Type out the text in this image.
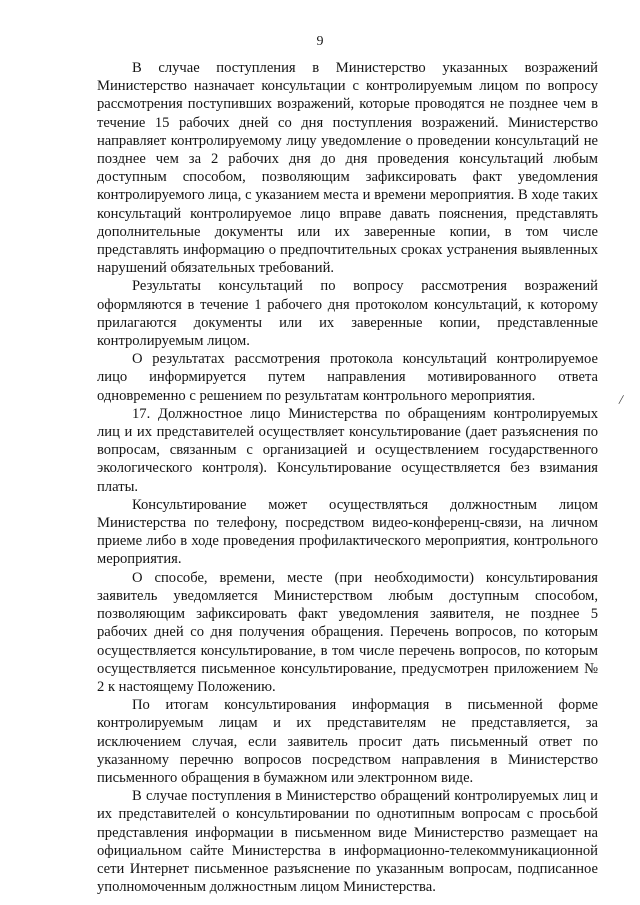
9

В случае поступления в Министерство указанных возражений Министерство назначает консультации с контролируемым лицом по вопросу рассмотрения поступивших возражений, которые проводятся не позднее чем в течение 15 рабочих дней со дня поступления возражений. Министерство направляет контролируемому лицу уведомление о проведении консультаций не позднее чем за 2 рабочих дня до дня проведения консультаций любым доступным способом, позволяющим зафиксировать факт уведомления контролируемого лица, с указанием места и времени мероприятия. В ходе таких консультаций контролируемое лицо вправе давать пояснения, представлять дополнительные документы или их заверенные копии, в том числе представлять информацию о предпочтительных сроках устранения выявленных нарушений обязательных требований.

Результаты консультаций по вопросу рассмотрения возражений оформляются в течение 1 рабочего дня протоколом консультаций, к которому прилагаются документы или их заверенные копии, представленные контролируемым лицом.

О результатах рассмотрения протокола консультаций контролируемое лицо информируется путем направления мотивированного ответа одновременно с решением по результатам контрольного мероприятия.

17. Должностное лицо Министерства по обращениям контролируемых лиц и их представителей осуществляет консультирование (дает разъяснения по вопросам, связанным с организацией и осуществлением государственного экологического контроля). Консультирование осуществляется без взимания платы.

Консультирование может осуществляться должностным лицом Министерства по телефону, посредством видео-конференц-связи, на личном приеме либо в ходе проведения профилактического мероприятия, контрольного мероприятия.

О способе, времени, месте (при необходимости) консультирования заявитель уведомляется Министерством любым доступным способом, позволяющим зафиксировать факт уведомления заявителя, не позднее 5 рабочих дней со дня получения обращения. Перечень вопросов, по которым осуществляется консультирование, в том числе перечень вопросов, по которым осуществляется письменное консультирование, предусмотрен приложением № 2 к настоящему Положению.

По итогам консультирования информация в письменной форме контролируемым лицам и их представителям не представляется, за исключением случая, если заявитель просит дать письменный ответ по указанному перечню вопросов посредством направления в Министерство письменного обращения в бумажном или электронном виде.

В случае поступления в Министерство обращений контролируемых лиц и их представителей о консультировании по однотипным вопросам с просьбой представления информации в письменном виде Министерство размещает на официальном сайте Министерства в информационно-телекоммуникационной сети Интернет письменное разъяснение по указанным вопросам, подписанное уполномоченным должностным лицом Министерства.

/
